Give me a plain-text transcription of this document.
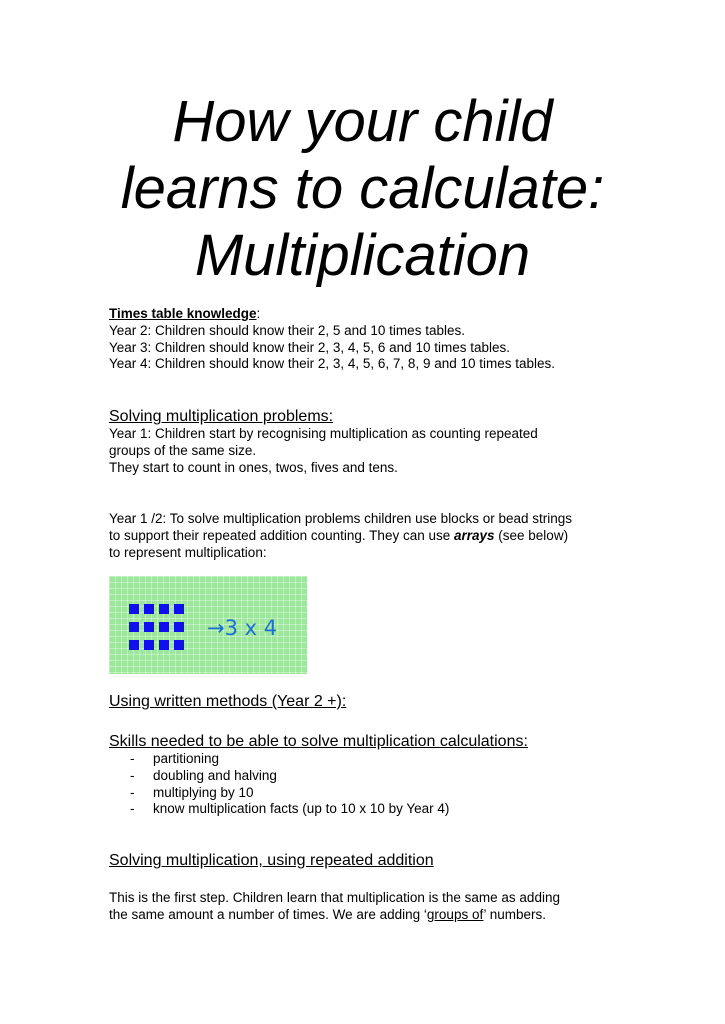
How your child
learns to calculate:
Multiplication

Times table knowledge:

Year 2: Children should know their 2, 5 and 10 times tables.

Year 3: Children should know their 2, 3, 4, 5, 6 and 10 times tables.

Year 4: Children should know their 2, 3, 4, 5, 6, 7, 8, 9 and 10 times tables.

Solving multiplication problems:

Year 1: Children start by recognising multiplication as counting repeated

groups of the same size.

They start to count in ones, twos, fives and tens.

Year 1 /2: To solve multiplication problems children use blocks or bead strings

to support their repeated addition counting. They can use arrays (see below)

to represent multiplication:

→3 x 4

Using written methods (Year 2 +):

Skills needed to be able to solve multiplication calculations:

- partitioning
- doubling and halving
- multiplying by 10
- know multiplication facts (up to 10 x 10 by Year 4)

Solving multiplication, using repeated addition

This is the first step. Children learn that multiplication is the same as adding

the same amount a number of times. We are adding ‘groups of’ numbers.
